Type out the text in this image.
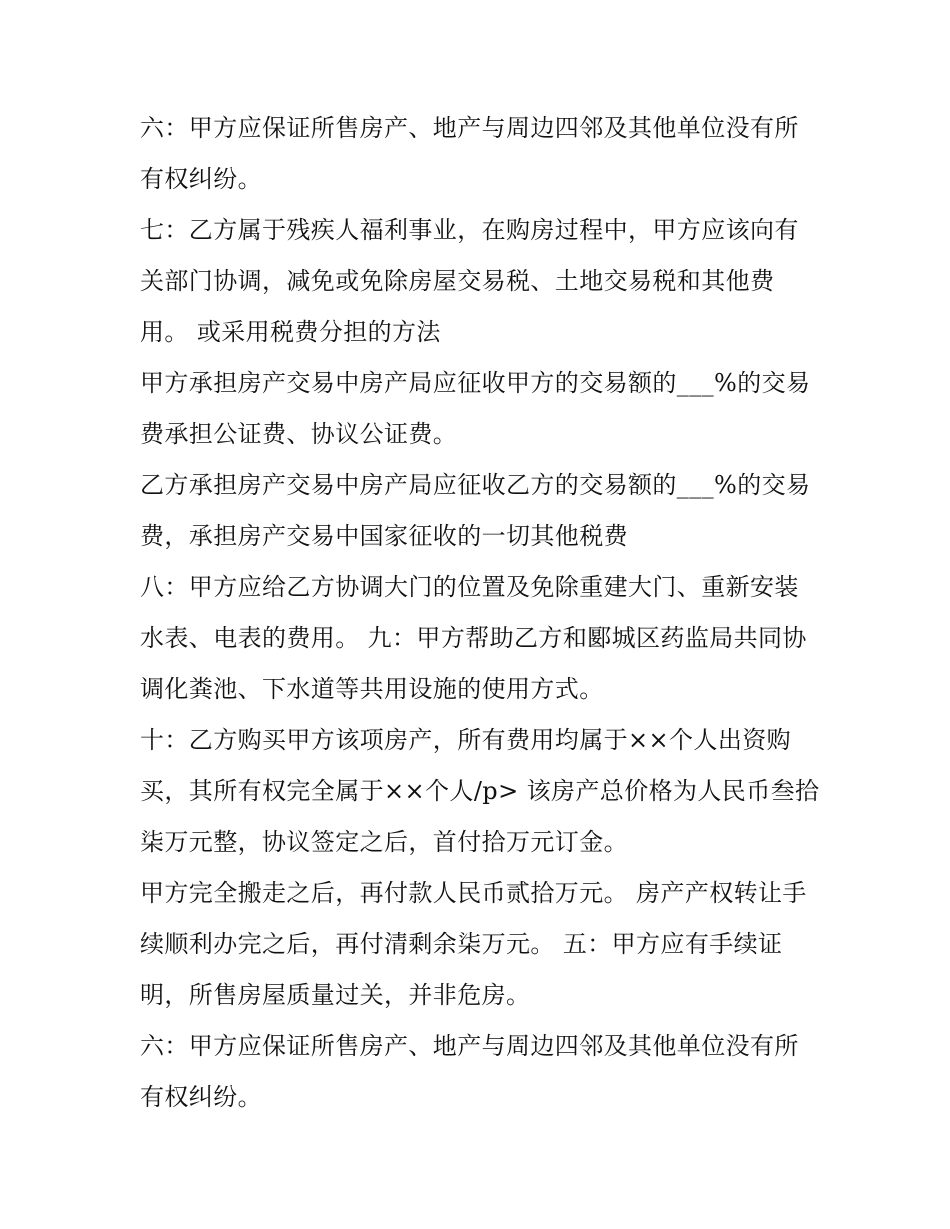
六：甲方应保证所售房产、地产与周边四邻及其他单位没有所有权纠纷。

七：乙方属于残疾人福利事业，在购房过程中，甲方应该向有关部门协调，减免或免除房屋交易税、土地交易税和其他费用。 或采用税费分担的方法

甲方承担房产交易中房产局应征收甲方的交易额的___%的交易费承担公证费、协议公证费。

乙方承担房产交易中房产局应征收乙方的交易额的___%的交易费，承担房产交易中国家征收的一切其他税费

八：甲方应给乙方协调大门的位置及免除重建大门、重新安装水表、电表的费用。 九：甲方帮助乙方和郾城区药监局共同协调化粪池、下水道等共用设施的使用方式。

十：乙方购买甲方该项房产，所有费用均属于××个人出资购买，其所有权完全属于××个人/p> 该房产总价格为人民币叁拾柒万元整，协议签定之后，首付拾万元订金。

甲方完全搬走之后，再付款人民币贰拾万元。 房产产权转让手续顺利办完之后，再付清剩余柒万元。 五：甲方应有手续证明，所售房屋质量过关，并非危房。

六：甲方应保证所售房产、地产与周边四邻及其他单位没有所有权纠纷。
